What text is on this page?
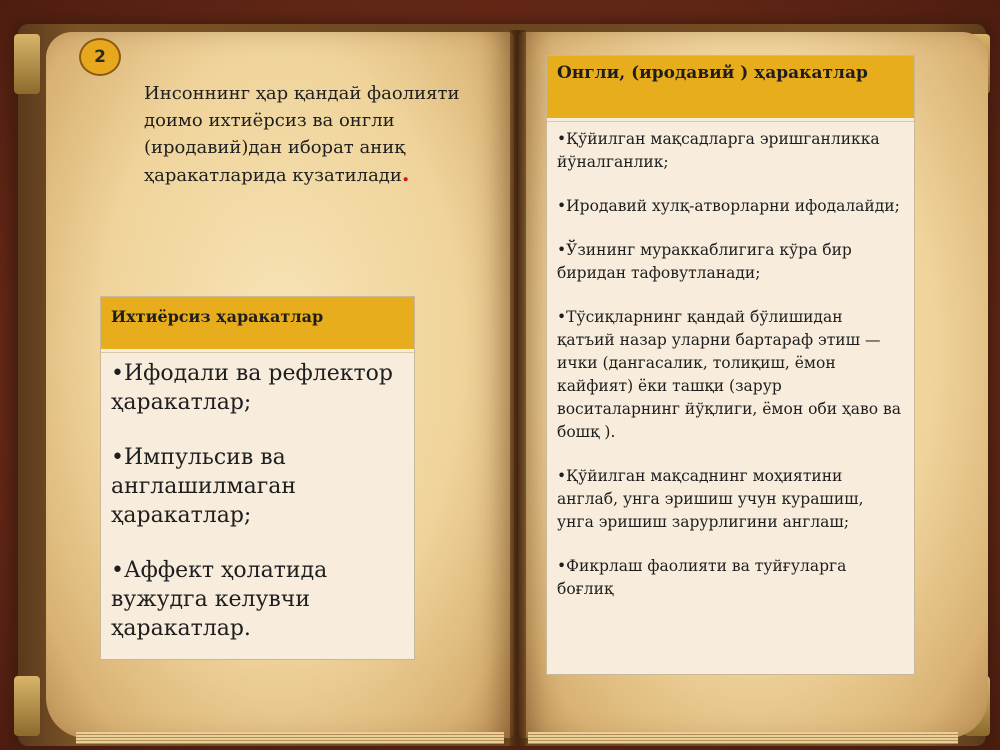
2
Инсоннинг ҳар қандай фаолияти доимо ихтиёрсиз ва онгли (иродавий)дан иборат аниқ ҳаракатларида кузатилади.
Ихтиёрсиз ҳаракатлар
•Ифодали ва рефлектор ҳаракатлар;
•Импульсив ва англашилмаган ҳаракатлар;
•Аффект ҳолатида вужудга келувчи ҳаракатлар.
Онгли, (иродавий ) ҳаракатлар
•Қўйилган мақсадларга эришганликка йўналганлик;
•Иродавий хулқ-атворларни ифодалайди;
•Ўзининг мураккаблигига кўра бир биридан тафовутланади;
•Тўсиқларнинг қандай бўлишидан қатъий назар уларни бартараф этиш — ички (дангасалик, толиқиш, ёмон кайфият) ёки ташқи (зарур воситаларнинг йўқлиги, ёмон оби ҳаво ва бошқ ).
•Қўйилган мақсаднинг моҳиятини англаб, унга эришиш учун курашиш, унга эришиш зарурлигини англаш;
•Фикрлаш фаолияти ва туйғуларга боғлиқ
